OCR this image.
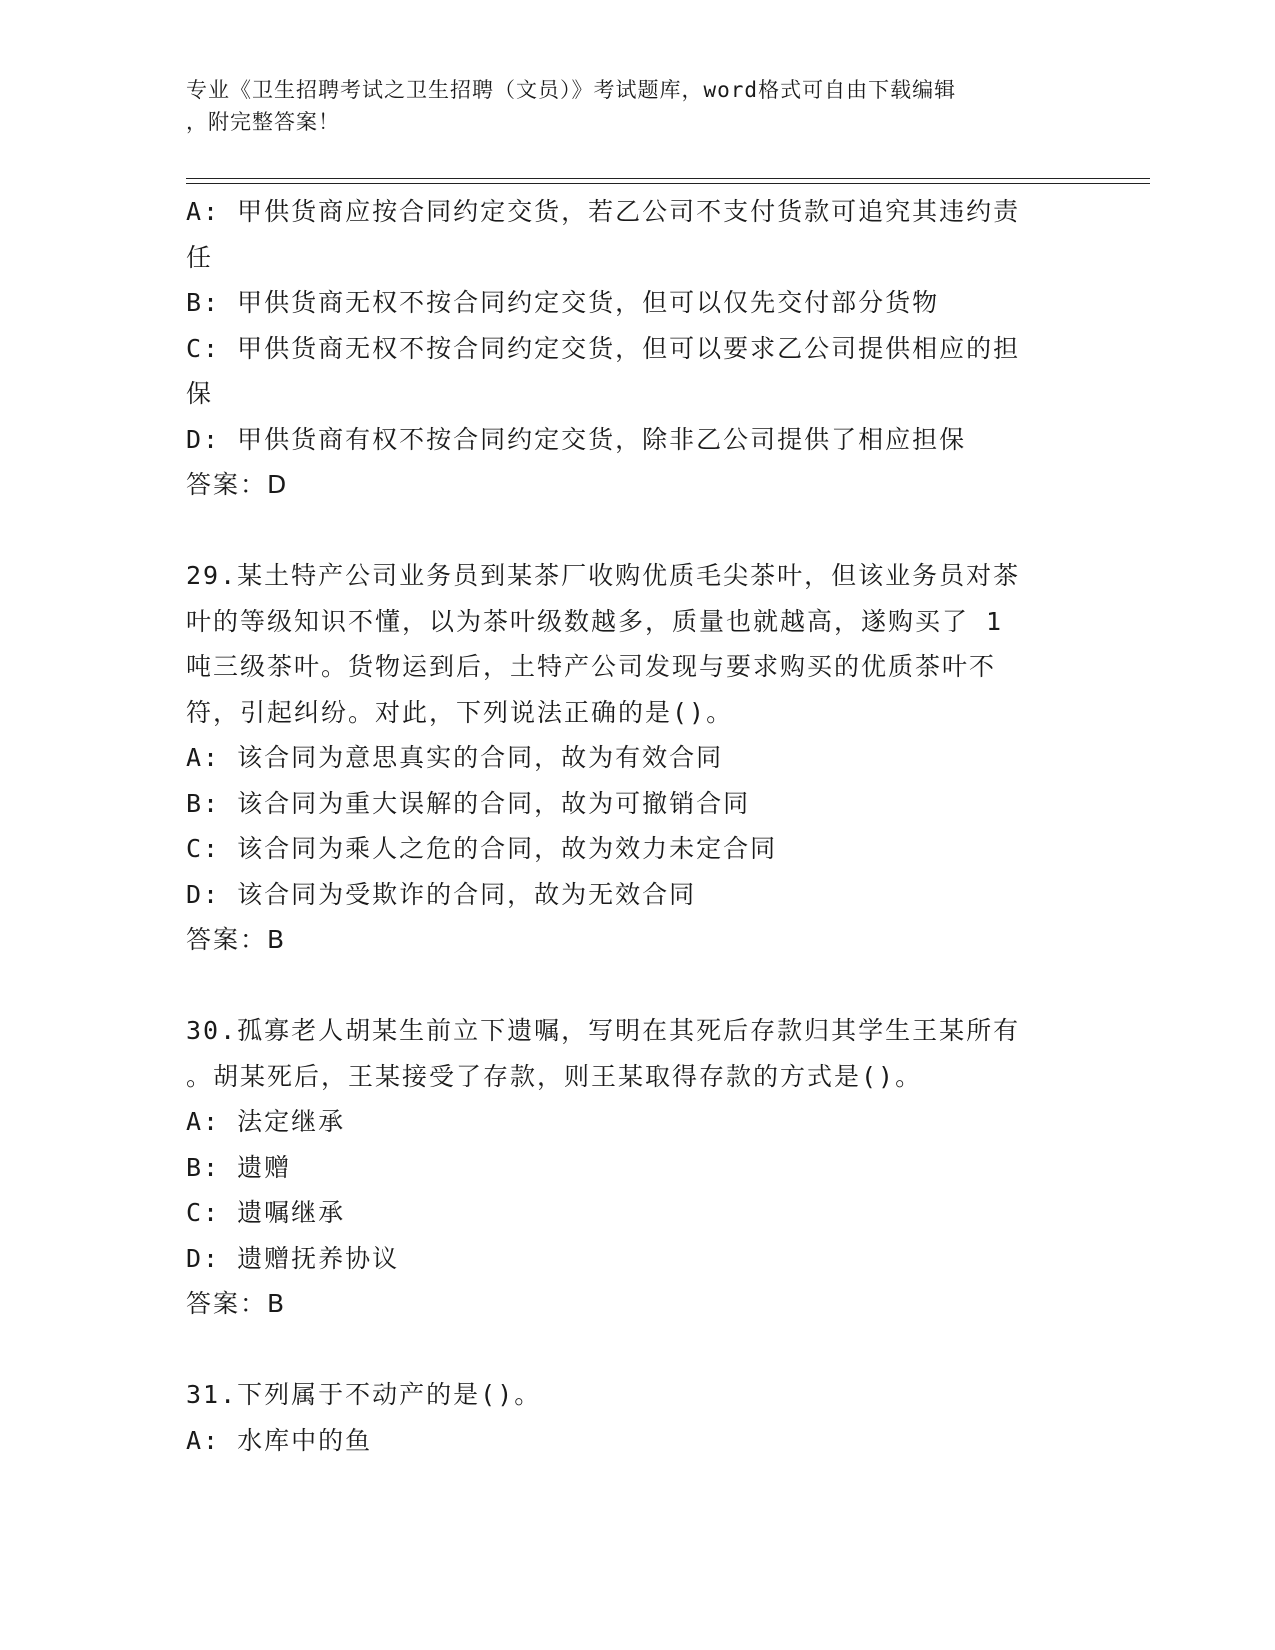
专业《卫生招聘考试之卫生招聘（文员）》考试题库，word格式可自由下载编辑
，附完整答案！
A: 甲供货商应按合同约定交货，若乙公司不支付货款可追究其违约责
任
B: 甲供货商无权不按合同约定交货，但可以仅先交付部分货物
C: 甲供货商无权不按合同约定交货，但可以要求乙公司提供相应的担
保
D: 甲供货商有权不按合同约定交货，除非乙公司提供了相应担保
答案：D
29.某土特产公司业务员到某茶厂收购优质毛尖茶叶，但该业务员对茶
叶的等级知识不懂，以为茶叶级数越多，质量也就越高，遂购买了 1
吨三级茶叶。货物运到后，土特产公司发现与要求购买的优质茶叶不
符，引起纠纷。对此，下列说法正确的是()。
A: 该合同为意思真实的合同，故为有效合同
B: 该合同为重大误解的合同，故为可撤销合同
C: 该合同为乘人之危的合同，故为效力未定合同
D: 该合同为受欺诈的合同，故为无效合同
答案：B
30.孤寡老人胡某生前立下遗嘱，写明在其死后存款归其学生王某所有
。胡某死后，王某接受了存款，则王某取得存款的方式是()。
A: 法定继承
B: 遗赠
C: 遗嘱继承
D: 遗赠抚养协议
答案：B
31.下列属于不动产的是()。
A: 水库中的鱼
